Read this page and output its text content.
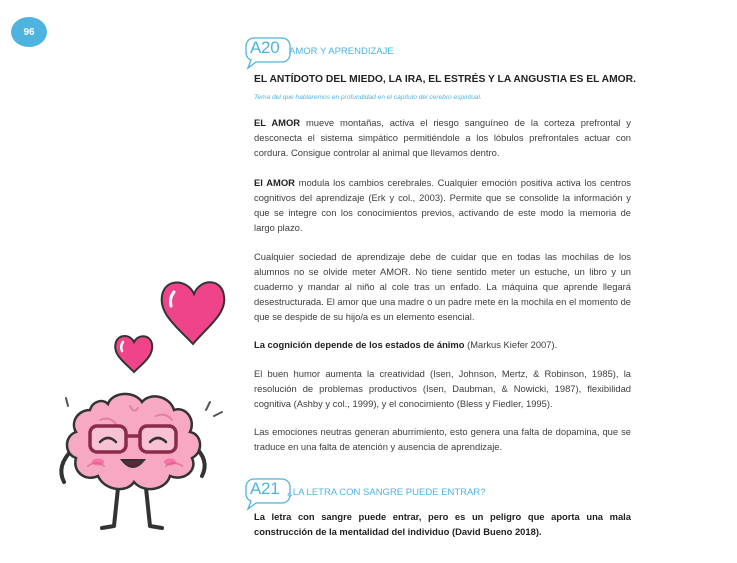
96
A20 AMOR Y APRENDIZAJE
EL ANTÍDOTO DEL MIEDO, LA IRA, EL ESTRÉS Y LA ANGUSTIA ES EL AMOR.
Tema del que hablaremos en profundidad en el capítulo del cerebro espiritual.
EL AMOR mueve montañas, activa el riesgo sanguíneo de la corteza prefrontal y desconecta el sistema simpático permitiéndole a los lóbulos prefrontales actuar con cordura. Consigue controlar al animal que llevamos dentro.
El AMOR modula los cambios cerebrales. Cualquier emoción positiva activa los centros cognitivos del aprendizaje (Erk y col., 2003). Permite que se consolide la información y que se integre con los conocimientos previos, activando de este modo la memoria de largo plazo.
Cualquier sociedad de aprendizaje debe de cuidar que en todas las mochilas de los alumnos no se olvide meter AMOR. No tiene sentido meter un estuche, un libro y un cuaderno y mandar al niño al cole tras un enfado. La máquina que aprende llegará desestructurada. El amor que una madre o un padre mete en la mochila en el momento de que se despide de su hijo/a es un elemento esencial.
La cognición depende de los estados de ánimo (Markus Kiefer 2007).
El buen humor aumenta la creatividad (Isen, Johnson, Mertz, & Robinson, 1985), la resolución de problemas productivos (Isen, Daubman, & Nowicki, 1987), flexibilidad cognitiva (Ashby y col., 1999), y el conocimiento (Bless y Fiedler, 1995).
Las emociones neutras generan aburrimiento, esto genera una falta de dopamina, que se traduce en una falta de atención y ausencia de aprendizaje.
A21 ¿LA LETRA CON SANGRE PUEDE ENTRAR?
La letra con sangre puede entrar, pero es un peligro que aporta una mala construcción de la mentalidad del individuo (David Bueno 2018).
